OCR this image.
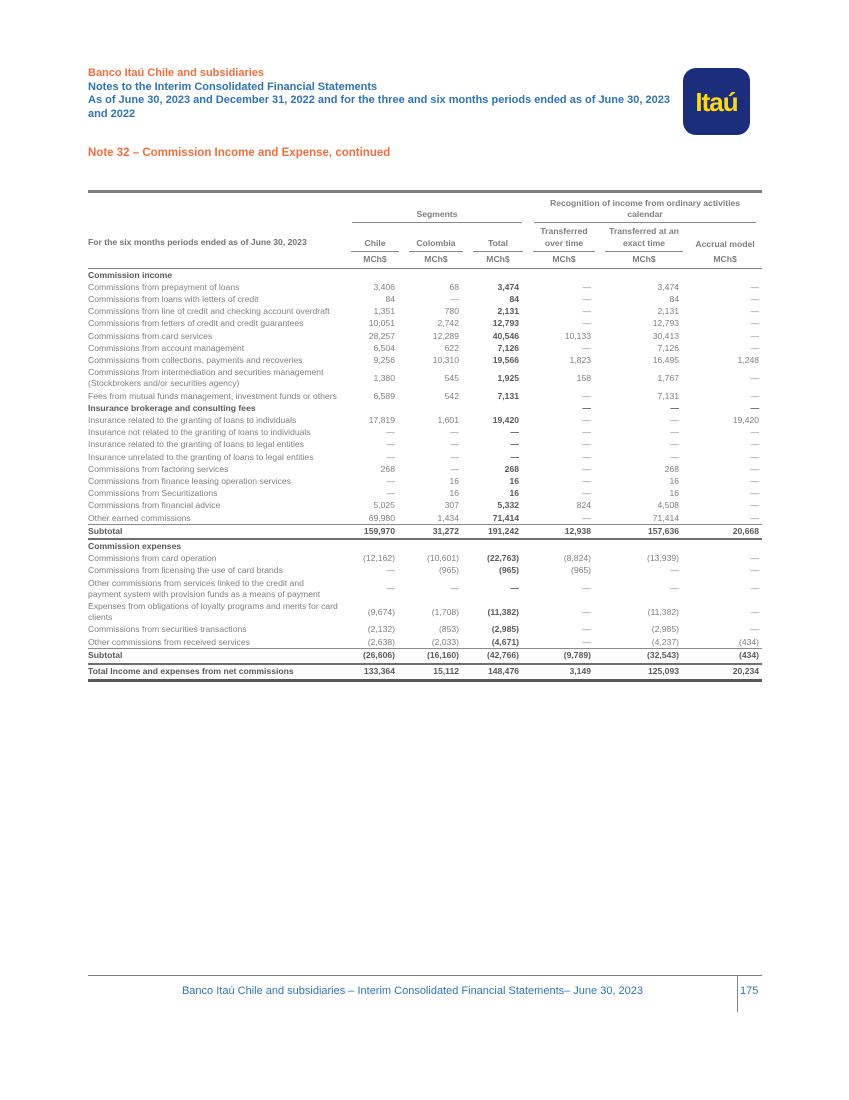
Banco Itaú Chile and subsidiaries
Notes to the Interim Consolidated Financial Statements
As of June 30, 2023 and December 31, 2022 and for the three and six months periods ended as of June 30, 2023 and 2022	Itaú
Note 32 – Commission Income and Expense, continued
For the six months periods ended as of June 30, 2023	Segments			Recognition of income from ordinary activities calendar		

	Chile	Colombia	Total	Transferred over time	Transferred at an exact time	Accrual model

	MCh$	MCh$	MCh$	MCh$	MCh$	MCh$
Commission income						
Commissions from prepayment of loans	3,406	68	3,474	—	3,474	—
Commissions from loans with letters of credit	84	—	84	—	84	—
Commissions from line of credit and checking account overdraft	1,351	780	2,131	—	2,131	—
Commissions from letters of credit and credit guarantees	10,051	2,742	12,793	—	12,793	—
Commissions from card services	28,257	12,289	40,546	10,133	30,413	—
Commissions from account management	6,504	622	7,126	—	7,126	—
Commissions from collections, payments and recoveries	9,256	10,310	19,566	1,823	16,495	1,248
Commissions from intermediation and securities management (Stockbrokers and/or securities agency)	1,380	545	1,925	158	1,767	—
Fees from mutual funds management, investment funds or others	6,589	542	7,131	—	7,131	—
Insurance brokerage and consulting fees				—	—	—
Insurance related to the granting of loans to individuals	17,819	1,601	19,420	—	—	19,420
Insurance not related to the granting of loans to individuals	—	—	—	—	—	—
Insurance related to the granting of loans to legal entities	—	—	—	—	—	—
Insurance unrelated to the granting of loans to legal entities	—	—	—	—	—	—
Commissions from factoring services	268	—	268	—	268	—
Commissions from finance leasing operation services	—	16	16	—	16	—
Commissions from Securitizations	—	16	16	—	16	—
Commissions from financial advice	5,025	307	5,332	824	4,508	—
Other earned commissions	69,980	1,434	71,414	—	71,414	—
Subtotal	159,970	31,272	191,242	12,938	157,636	20,668
Commission expenses						
Commissions from card operation	(12,162)	(10,601)	(22,763)	(8,824)	(13,939)	—
Commissions from licensing the use of card brands	—	(965)	(965)	(965)	—	—
Other commissions from services linked to the credit and payment system with provision funds as a means of payment	—	—	—	—	—	—
Expenses from obligations of loyalty programs and merits for card clients	(9,674)	(1,708)	(11,382)	—	(11,382)	—
Commissions from securities transactions	(2,132)	(853)	(2,985)	—	(2,985)	—
Other commissions from received services	(2,638)	(2,033)	(4,671)	—	(4,237)	(434)
Subtotal	(26,606)	(16,160)	(42,766)	(9,789)	(32,543)	(434)
Total Income and expenses from net commissions	133,364	15,112	148,476	3,149	125,093	20,234
Banco Itaú Chile and subsidiaries – Interim Consolidated Financial Statements– June 30, 2023	175
